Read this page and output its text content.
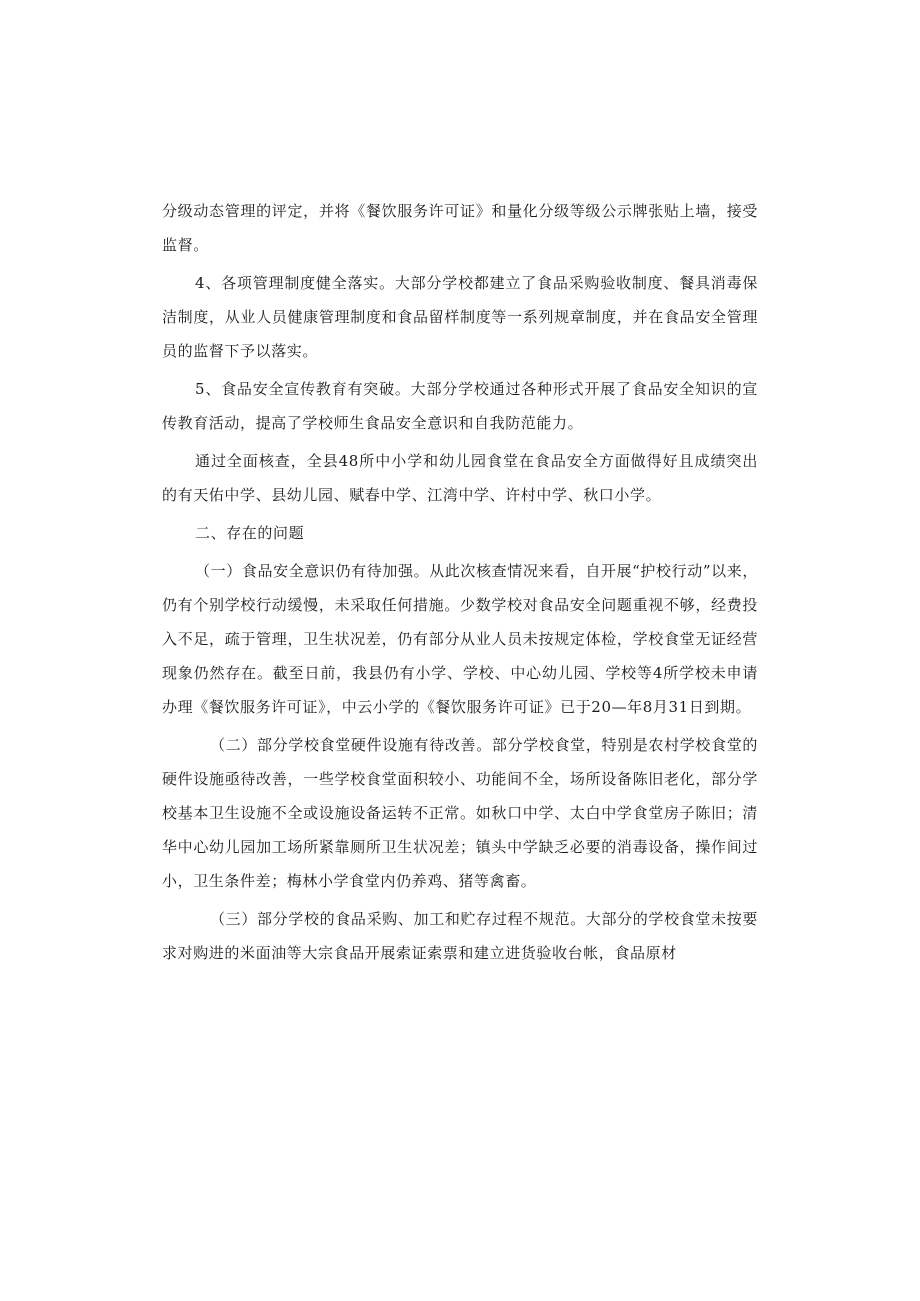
分级动态管理的评定，并将《餐饮服务许可证》和量化分级等级公示牌张贴上墙，接受监督。

4、各项管理制度健全落实。大部分学校都建立了食品采购验收制度、餐具消毒保洁制度，从业人员健康管理制度和食品留样制度等一系列规章制度，并在食品安全管理员的监督下予以落实。

5、食品安全宣传教育有突破。大部分学校通过各种形式开展了食品安全知识的宣传教育活动，提高了学校师生食品安全意识和自我防范能力。

通过全面核查，全县48所中小学和幼儿园食堂在食品安全方面做得好且成绩突出的有天佑中学、县幼儿园、赋春中学、江湾中学、许村中学、秋口小学。

二、存在的问题

（一）食品安全意识仍有待加强。从此次核查情况来看，自开展“护校行动”以来，仍有个别学校行动缓慢，未采取任何措施。少数学校对食品安全问题重视不够，经费投入不足，疏于管理，卫生状况差，仍有部分从业人员未按规定体检，学校食堂无证经营现象仍然存在。截至日前，我县仍有小学、学校、中心幼儿园、学校等4所学校未申请办理《餐饮服务许可证》，中云小学的《餐饮服务许可证》已于20—年8月31日到期。

（二）部分学校食堂硬件设施有待改善。部分学校食堂，特别是农村学校食堂的硬件设施亟待改善，一些学校食堂面积较小、功能间不全，场所设备陈旧老化，部分学校基本卫生设施不全或设施设备运转不正常。如秋口中学、太白中学食堂房子陈旧；清华中心幼儿园加工场所紧靠厕所卫生状况差；镇头中学缺乏必要的消毒设备，操作间过小，卫生条件差；梅林小学食堂内仍养鸡、猪等禽畜。

（三）部分学校的食品采购、加工和贮存过程不规范。大部分的学校食堂未按要求对购进的米面油等大宗食品开展索证索票和建立进货验收台帐，食品原材
